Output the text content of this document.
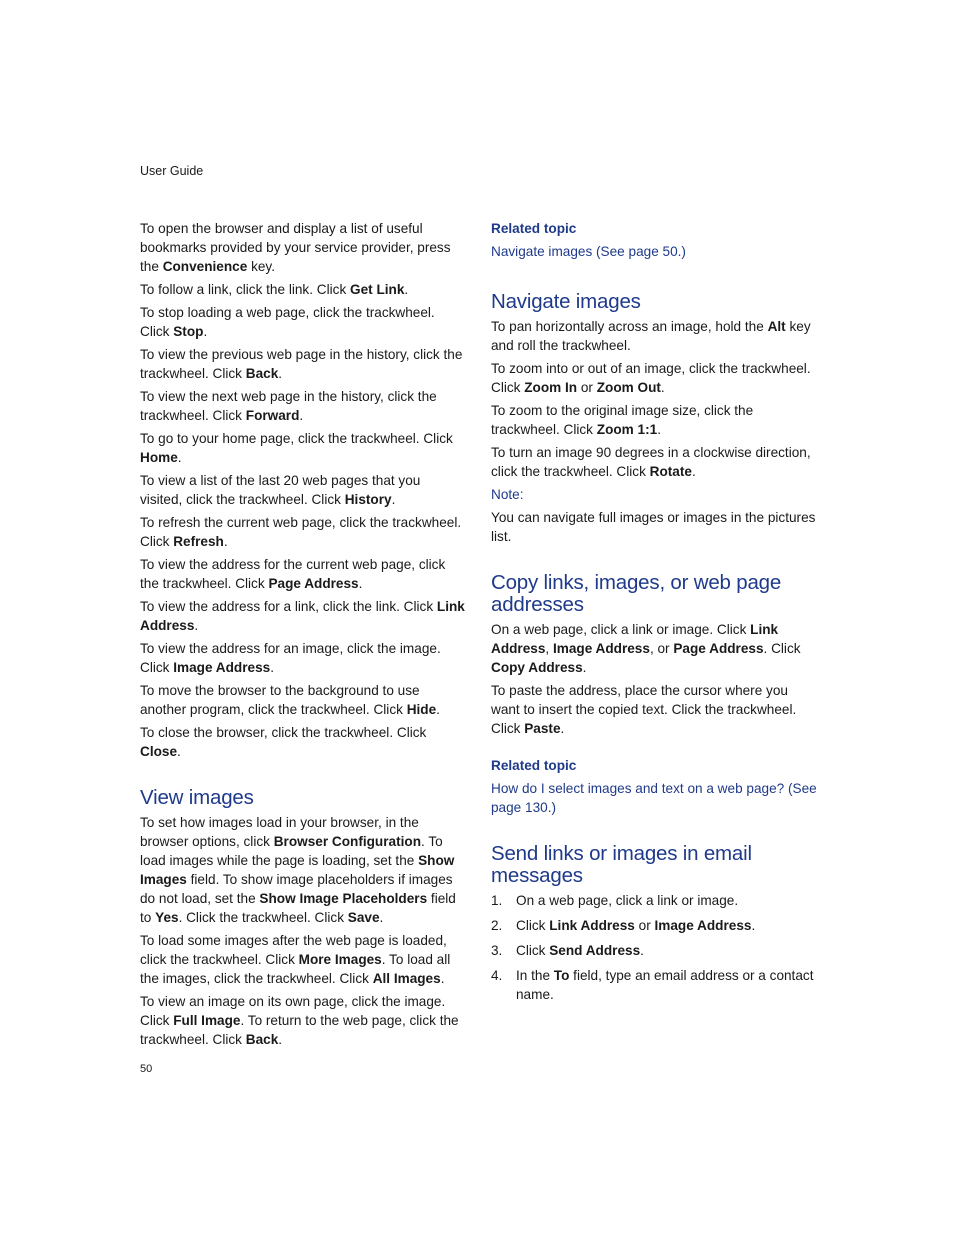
User Guide

To open the browser and display a list of useful bookmarks provided by your service provider, press the Convenience key.

To follow a link, click the link. Click Get Link.

To stop loading a web page, click the trackwheel. Click Stop.

To view the previous web page in the history, click the trackwheel. Click Back.

To view the next web page in the history, click the trackwheel. Click Forward.

To go to your home page, click the trackwheel. Click Home.

To view a list of the last 20 web pages that you visited, click the trackwheel. Click History.

To refresh the current web page, click the trackwheel. Click Refresh.

To view the address for the current web page, click the trackwheel. Click Page Address.

To view the address for a link, click the link. Click Link Address.

To view the address for an image, click the image. Click Image Address.

To move the browser to the background to use another program, click the trackwheel. Click Hide.

To close the browser, click the trackwheel. Click Close.

View images

To set how images load in your browser, in the browser options, click Browser Configuration. To load images while the page is loading, set the Show Images field. To show image placeholders if images do not load, set the Show Image Placeholders field to Yes. Click the trackwheel. Click Save.

To load some images after the web page is loaded, click the trackwheel. Click More Images. To load all the images, click the trackwheel. Click All Images.

To view an image on its own page, click the image. Click Full Image. To return to the web page, click the trackwheel. Click Back.

Related topic

Navigate images (See page 50.)

Navigate images

To pan horizontally across an image, hold the Alt key and roll the trackwheel.

To zoom into or out of an image, click the trackwheel. Click Zoom In or Zoom Out.

To zoom to the original image size, click the trackwheel. Click Zoom 1:1.

To turn an image 90 degrees in a clockwise direction, click the trackwheel. Click Rotate.

Note:

You can navigate full images or images in the pictures list.

Copy links, images, or web page addresses

On a web page, click a link or image. Click Link Address, Image Address, or Page Address. Click Copy Address.

To paste the address, place the cursor where you want to insert the copied text. Click the trackwheel. Click Paste.

Related topic

How do I select images and text on a web page? (See page 130.)

Send links or images in email messages
1.	On a web page, click a link or image.
2.	Click Link Address or Image Address.
3.	Click Send Address.
4.	In the To field, type an email address or a contact name.
50
